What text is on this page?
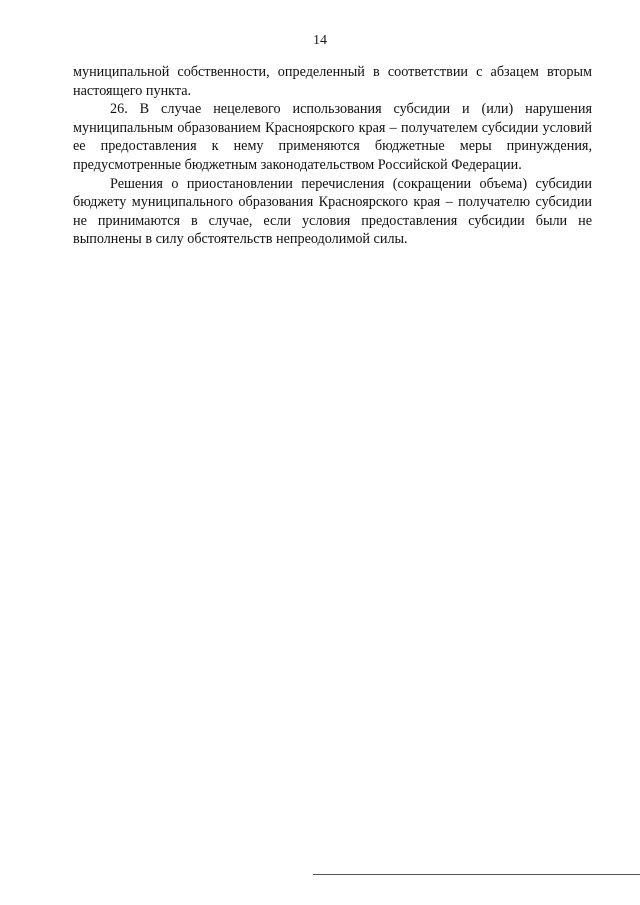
14

муниципальной собственности, определенный в соответствии с абзацем вторым настоящего пункта.

26. В случае нецелевого использования субсидии и (или) нарушения муниципальным образованием Красноярского края – получателем субсидии условий ее предоставления к нему применяются бюджетные меры принуждения, предусмотренные бюджетным законодательством Российской Федерации.

Решения о приостановлении перечисления (сокращении объема) субсидии бюджету муниципального образования Красноярского края – получателю субсидии не принимаются в случае, если условия предоставления субсидии были не выполнены в силу обстоятельств непреодолимой силы.
